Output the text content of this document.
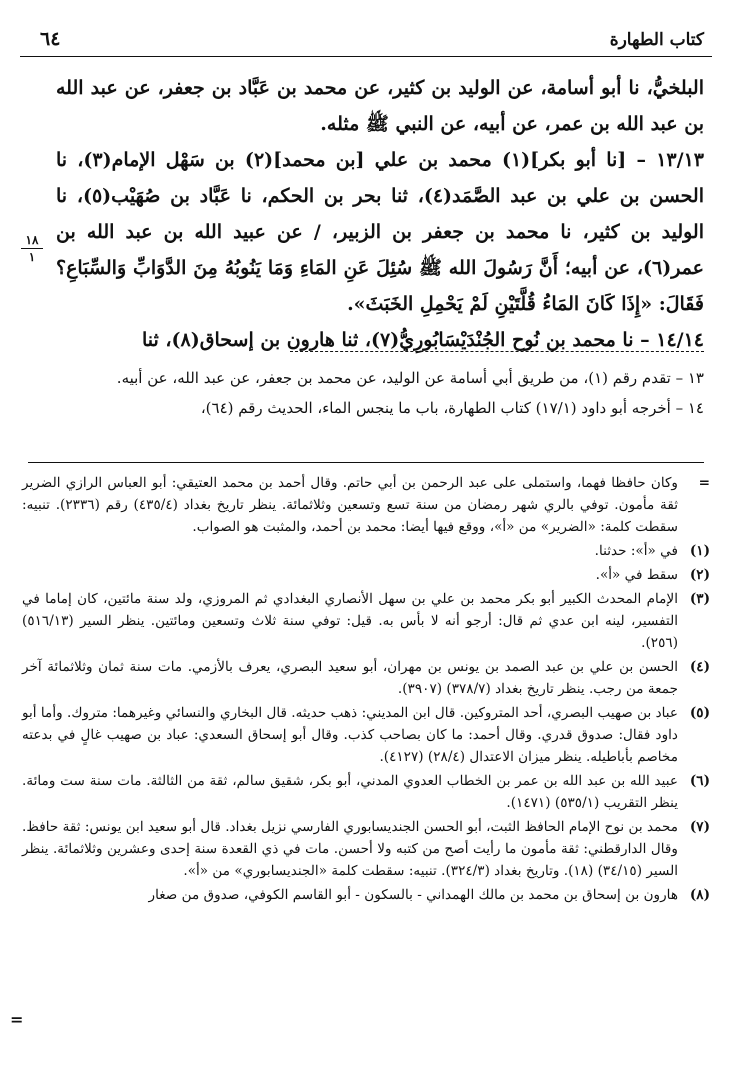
كتاب الطهارة
٦٤
١٨
١

البلخيُّ، نا أبو أسامة، عن الوليد بن كثير، عن محمد بن عَبَّاد بن جعفر، عن عبد الله بن عبد الله بن عمر، عن أبيه، عن النبي ﷺ مثله.

١٣/١٣ – [نا أبو بكر](١) محمد بن علي [بن محمد](٢) بن سَهْل الإمام(٣)، نا الحسن بن علي بن عبد الصَّمَد(٤)، ثنا بحر بن الحكم، نا عَبَّاد بن صُهَيْب(٥)، نا الوليد بن كثير، نا محمد بن جعفر بن الزبير، / عن عبيد الله بن عبد الله بن عمر(٦)، عن أبيه؛ أَنَّ رَسُولَ الله ﷺ سُئِلَ عَنِ المَاءِ وَمَا يَنُوبُهُ مِنَ الدَّوَابِّ وَالسِّبَاعِ؟ فَقَالَ: «إِذَا كَانَ المَاءُ قُلَّتَيْنِ لَمْ يَحْمِلِ الخَبَثَ».

١٤/١٤ – نا محمد بن نُوح الجُنْدَيْسَابُورِيُّ(٧)، ثنا هارون بن إسحاق(٨)، ثنا

١٣ – تقدم رقم (١)، من طريق أبي أسامة عن الوليد، عن محمد بن جعفر، عن عبد الله، عن أبيه.

١٤ – أخرجه أبو داود (١٧/١) كتاب الطهارة، باب ما ينجس الماء، الحديث رقم (٦٤)،

=
وكان حافظا فهما، واستملى على عبد الرحمن بن أبي حاتم. وقال أحمد بن محمد العتيقي: أبو العباس الرازي الضرير ثقة مأمون. توفي بالري شهر رمضان من سنة تسع وتسعين وثلاثمائة. ينظر تاريخ بغداد (٤٣٥/٤) رقم (٢٣٣٦). تنبيه: سقطت كلمة: «الضرير» من «أ»، ووقع فيها أيضا: محمد بن أحمد، والمثبت هو الصواب.
(١)
في «أ»: حدثنا.
(٢)
سقط في «أ».
(٣)
الإمام المحدث الكبير أبو بكر محمد بن علي بن سهل الأنصاري البغدادي ثم المروزي، ولد سنة مائتين، كان إماما في التفسير، لينه ابن عدي ثم قال: أرجو أنه لا بأس به. قيل: توفي سنة ثلاث وتسعين ومائتين. ينظر السير (٥١٦/١٣) (٢٥٦).
(٤)
الحسن بن علي بن عبد الصمد بن يونس بن مهران، أبو سعيد البصري، يعرف بالأزمي. مات سنة ثمان وثلاثمائة آخر جمعة من رجب. ينظر تاريخ بغداد (٣٧٨/٧) (٣٩٠٧).
(٥)
عباد بن صهيب البصري، أحد المتروكين. قال ابن المديني: ذهب حديثه. قال البخاري والنسائي وغيرهما: متروك. وأما أبو داود فقال: صدوق قدري. وقال أحمد: ما كان بصاحب كذب. وقال أبو إسحاق السعدي: عباد بن صهيب غالٍ في بدعته مخاصم بأباطيله. ينظر ميزان الاعتدال (٢٨/٤) (٤١٢٧).
(٦)
عبيد الله بن عبد الله بن عمر بن الخطاب العدوي المدني، أبو بكر، شقيق سالم، ثقة من الثالثة. مات سنة ست ومائة. ينظر التقريب (٥٣٥/١) (١٤٧١).
(٧)
محمد بن نوح الإمام الحافظ الثبت، أبو الحسن الجنديسابوري الفارسي نزيل بغداد. قال أبو سعيد ابن يونس: ثقة حافظ. وقال الدارقطني: ثقة مأمون ما رأيت أصح من كتبه ولا أحسن. مات في ذي القعدة سنة إحدى وعشرين وثلاثمائة. ينظر السير (٣٤/١٥) (١٨). وتاريخ بغداد (٣٢٤/٣). تنبيه: سقطت كلمة «الجنديسابوري» من «أ».
(٨)
هارون بن إسحاق بن محمد بن مالك الهمداني - بالسكون - أبو القاسم الكوفي، صدوق من صغار
=
